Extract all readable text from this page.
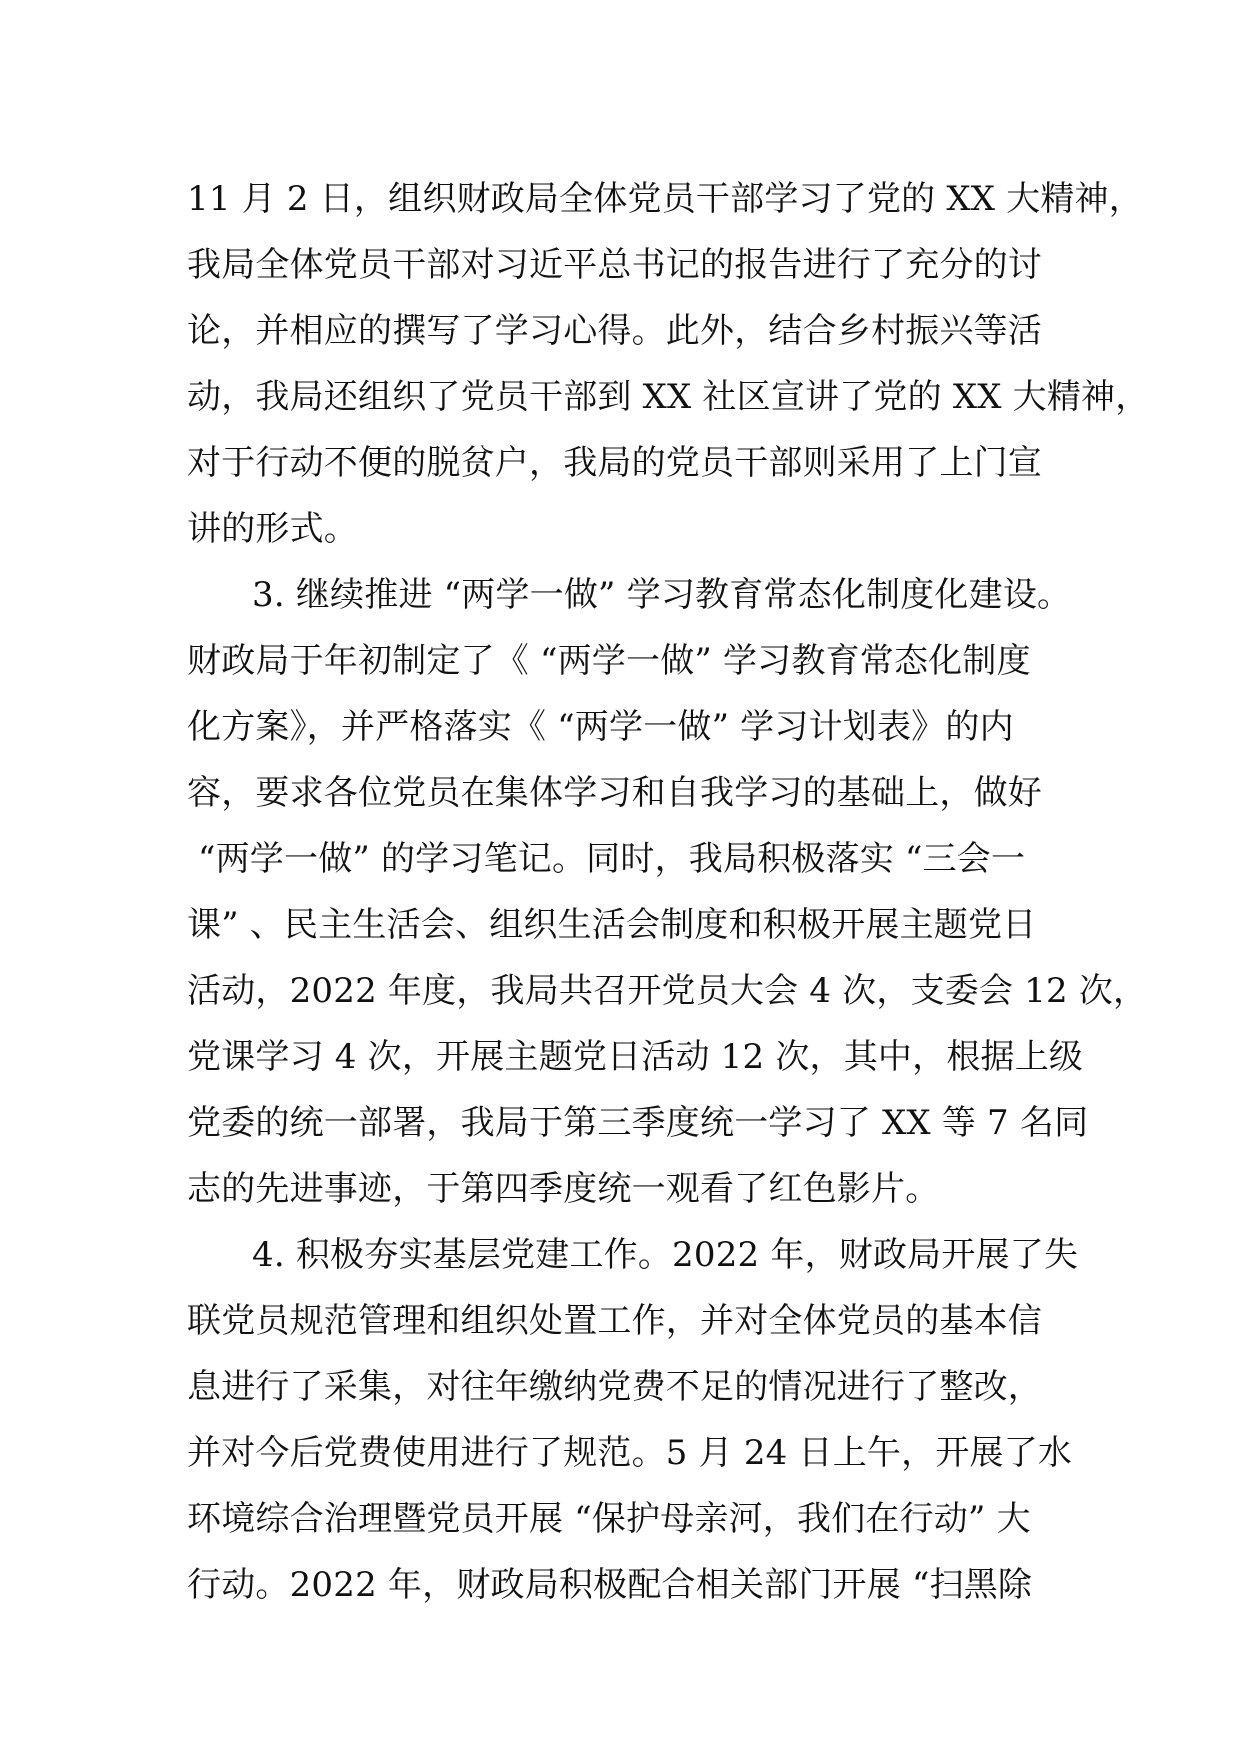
11 月 2 日，组织财政局全体党员干部学习了党的 XX 大精神，
我局全体党员干部对习近平总书记的报告进行了充分的讨
论，并相应的撰写了学习心得。此外，结合乡村振兴等活
动，我局还组织了党员干部到 XX 社区宣讲了党的 XX 大精神，
对于行动不便的脱贫户，我局的党员干部则采用了上门宣
讲的形式。
3. 继续推进 “两学一做” 学习教育常态化制度化建设。
财政局于年初制定了《 “两学一做” 学习教育常态化制度
化方案》，并严格落实《 “两学一做” 学习计划表》的内
容，要求各位党员在集体学习和自我学习的基础上，做好
“两学一做” 的学习笔记。同时，我局积极落实 “三会一
课” 、民主生活会、组织生活会制度和积极开展主题党日
活动，2022 年度，我局共召开党员大会 4 次，支委会 12 次，
党课学习 4 次，开展主题党日活动 12 次，其中，根据上级
党委的统一部署，我局于第三季度统一学习了 XX 等 7 名同
志的先进事迹，于第四季度统一观看了红色影片。
4. 积极夯实基层党建工作。2022 年，财政局开展了失
联党员规范管理和组织处置工作，并对全体党员的基本信
息进行了采集，对往年缴纳党费不足的情况进行了整改，
并对今后党费使用进行了规范。5 月 24 日上午，开展了水
环境综合治理暨党员开展 “保护母亲河，我们在行动” 大
行动。2022 年，财政局积极配合相关部门开展 “扫黑除
